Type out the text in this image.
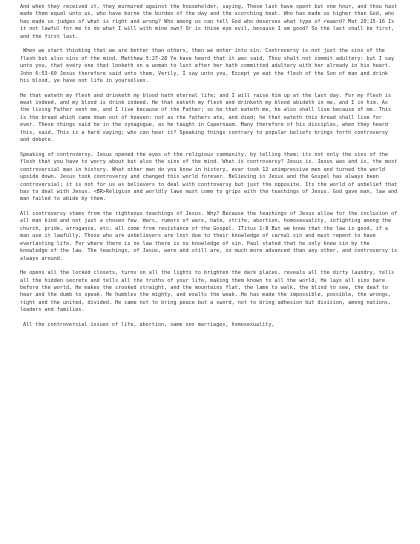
And when they received it, they murmured against the householder, saying, These last have spent but one hour, and thou hast made them equal unto us, who have borne the burden of the day and the scorching heat. Who has made us higher than God, who has made us judges of what is right and wrong? Who among us can tell God who deserves what type of reward? Mat 20:15-16 Is it not lawful for me to do what I will with mine own? Or is thine eye evil, because I am good? So the last shall be first, and the first last.

When we start thinking that we are better than others, then we enter into sin. Controversy is not just the sins of the flesh but also sins of the mind. Matthew 5:27-28 Ye have heard that it was said, Thou shalt not commit adultery: but I say unto you, that every one that looketh on a woman to lust after her hath committed adultery with her already in his heart. John 6:53-60 Jesus therefore said unto them, Verily, I say unto you, Except ye eat the flesh of the Son of man and drink his blood, ye have not life in yourselves.

He that eateth my flesh and drinketh my blood hath eternal life; and I will raise him up at the last day. For my flesh is meat indeed, and my blood is drink indeed. He that eateth my flesh and drinketh my blood abideth in me, and I in him. As the living Father sent me, and I live because of the Father; so he that eateth me, he also shall live because of me. This is the bread which came down out of heaven: not as the fathers ate, and died; he that eateth this bread shall live for ever. These things said he in the synagogue, as he taught in Capernaum. Many therefore of his disciples, when they heard this, said, This is a hard saying; who can hear it? Speaking things contrary to popular beliefs brings forth controversy and debate.

Speaking of controversy, Jesus opened the eyes of the religious community, by telling them; its not only the sins of the flesh that you have to worry about but also the sins of the mind. What is controversy? Jesus is. Jesus was and is, the most controversial man in history. What other man do you know in history, ever took 12 unimpressive men and turned the world upside down. Jesus took controversy and changed this world forever. Believing in Jesus and the Gospel has always been controversial; it is not for us as believers to deal with controversy but just the opposite. Its the world of unbelief that has to deal with Jesus. <BR>Religion and worldly laws must come to grips with the teachings of Jesus. God gave man, law and man failed to abide by them.

All controversy stems from the righteous teachings of Jesus. Why? Because the teachings of Jesus allow for the inclusion of all man kind and not just a chosen few. Wars, rumors of wars, hate, strife, abortion, homosexuality, infighting among the church, pride, arrogance, etc, all come from resistance of the Gospel. 1Titus 1:8 But we know that the law is good, if a man use it lawfully, Those who are unbelievers are lost due to their knowledge of carnal sin and must repent to have everlasting life. For where there is no law there is no knowledge of sin. Paul stated that he only knew sin by the knowledge of the law. The teachings, of Jesus, were and still are, so much more advanced than any other, and controversy is always around.

He opens all the locked closets, turns on all the lights to brighten the dark places, reveals all the dirty laundry, tells all the hidden secrets and tells all the truths of your life, making them known to all the world, He lays all sins bare before the world, He makes the crooked straight, and the mountains flat, the lame to walk, the blind to see, the deaf to hear and the dumb to speak. He humbles the mighty, and exalts the weak. He has made the impossible, possible, the wrongs, right and the united, divided. He came not to bring peace but a sword, not to bring adhesion but division, among nations, leaders and families.

All the controversial issues of life, abortion, same sex marriages, homosexuality,
